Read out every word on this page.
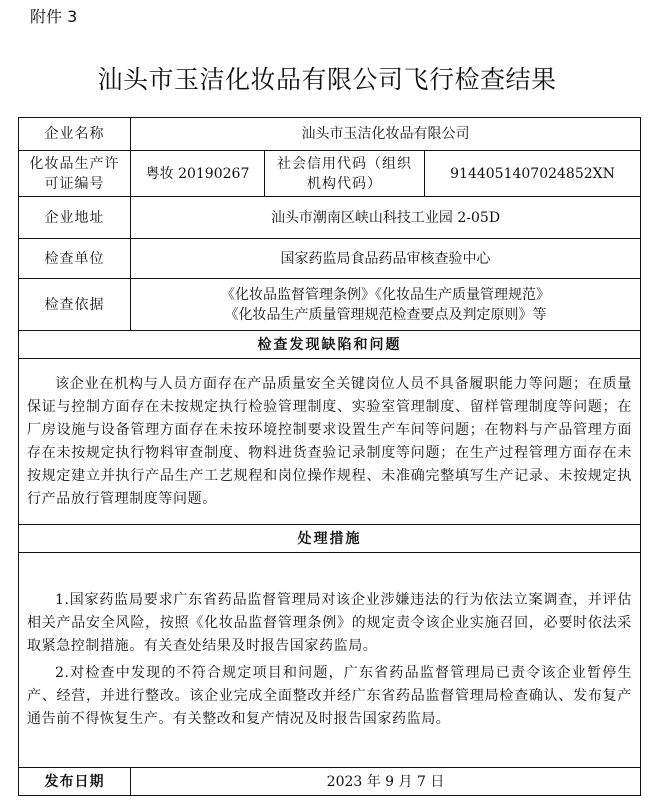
附件 3
汕头市玉洁化妆品有限公司飞行检查结果
企业名称	汕头市玉洁化妆品有限公司		
化妆品生产许可证编号	粤妆 20190267	社会信用代码（组织机构代码）	9144051407024852XN
企业地址	汕头市潮南区峡山科技工业园 2-05D		
检查单位	国家药监局食品药品审核查验中心		
检查依据	《化妆品监督管理条例》《化妆品生产质量管理规范》
《化妆品生产质量管理规范检查要点及判定原则》等		

检查发现缺陷和问题			
该企业在机构与人员方面存在产品质量安全关键岗位人员不具备履职能力等问题；在质量保证与控制方面存在未按规定执行检验管理制度、实验室管理制度、留样管理制度等问题；在厂房设施与设备管理方面存在未按环境控制要求设置生产车间等问题；在物料与产品管理方面存在未按规定执行物料审查制度、物料进货查验记录制度等问题；在生产过程管理方面存在未按规定建立并执行产品生产工艺规程和岗位操作规程、未准确完整填写生产记录、未按规定执行产品放行管理制度等问题。			
处理措施			

1.国家药监局要求广东省药品监督管理局对该企业涉嫌违法的行为依法立案调查，并评估相关产品安全风险，按照《化妆品监督管理条例》的规定责令该企业实施召回，必要时依法采取紧急控制措施。有关查处结果及时报告国家药监局。

2.对检查中发现的不符合规定项目和问题，广东省药品监督管理局已责令该企业暂停生产、经营，并进行整改。该企业完成全面整改并经广东省药品监督管理局检查确认、发布复产通告前不得恢复生产。有关整改和复产情况及时报告国家药监局。			

发布日期	2023 年 9 月 7 日		
